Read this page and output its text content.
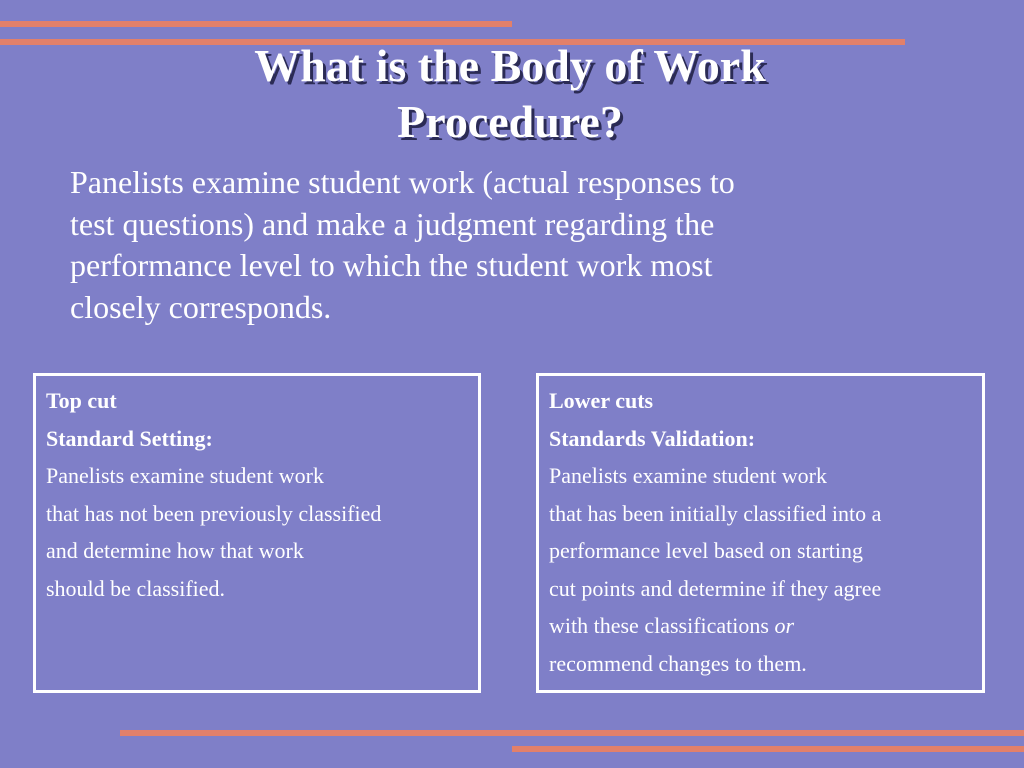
What is the Body of Work
Procedure?
Panelists examine student work (actual responses to
test questions) and make a judgment regarding the
performance level to which the student work most
closely corresponds.
Top cut
Standard Setting:
Panelists examine student work
that has not been previously classified
and determine how that work
should be classified.
Lower cuts
Standards Validation:
Panelists examine student work
that has been initially classified into a
performance level based on starting
cut points and determine if they agree
with these classifications or
recommend changes to them.
